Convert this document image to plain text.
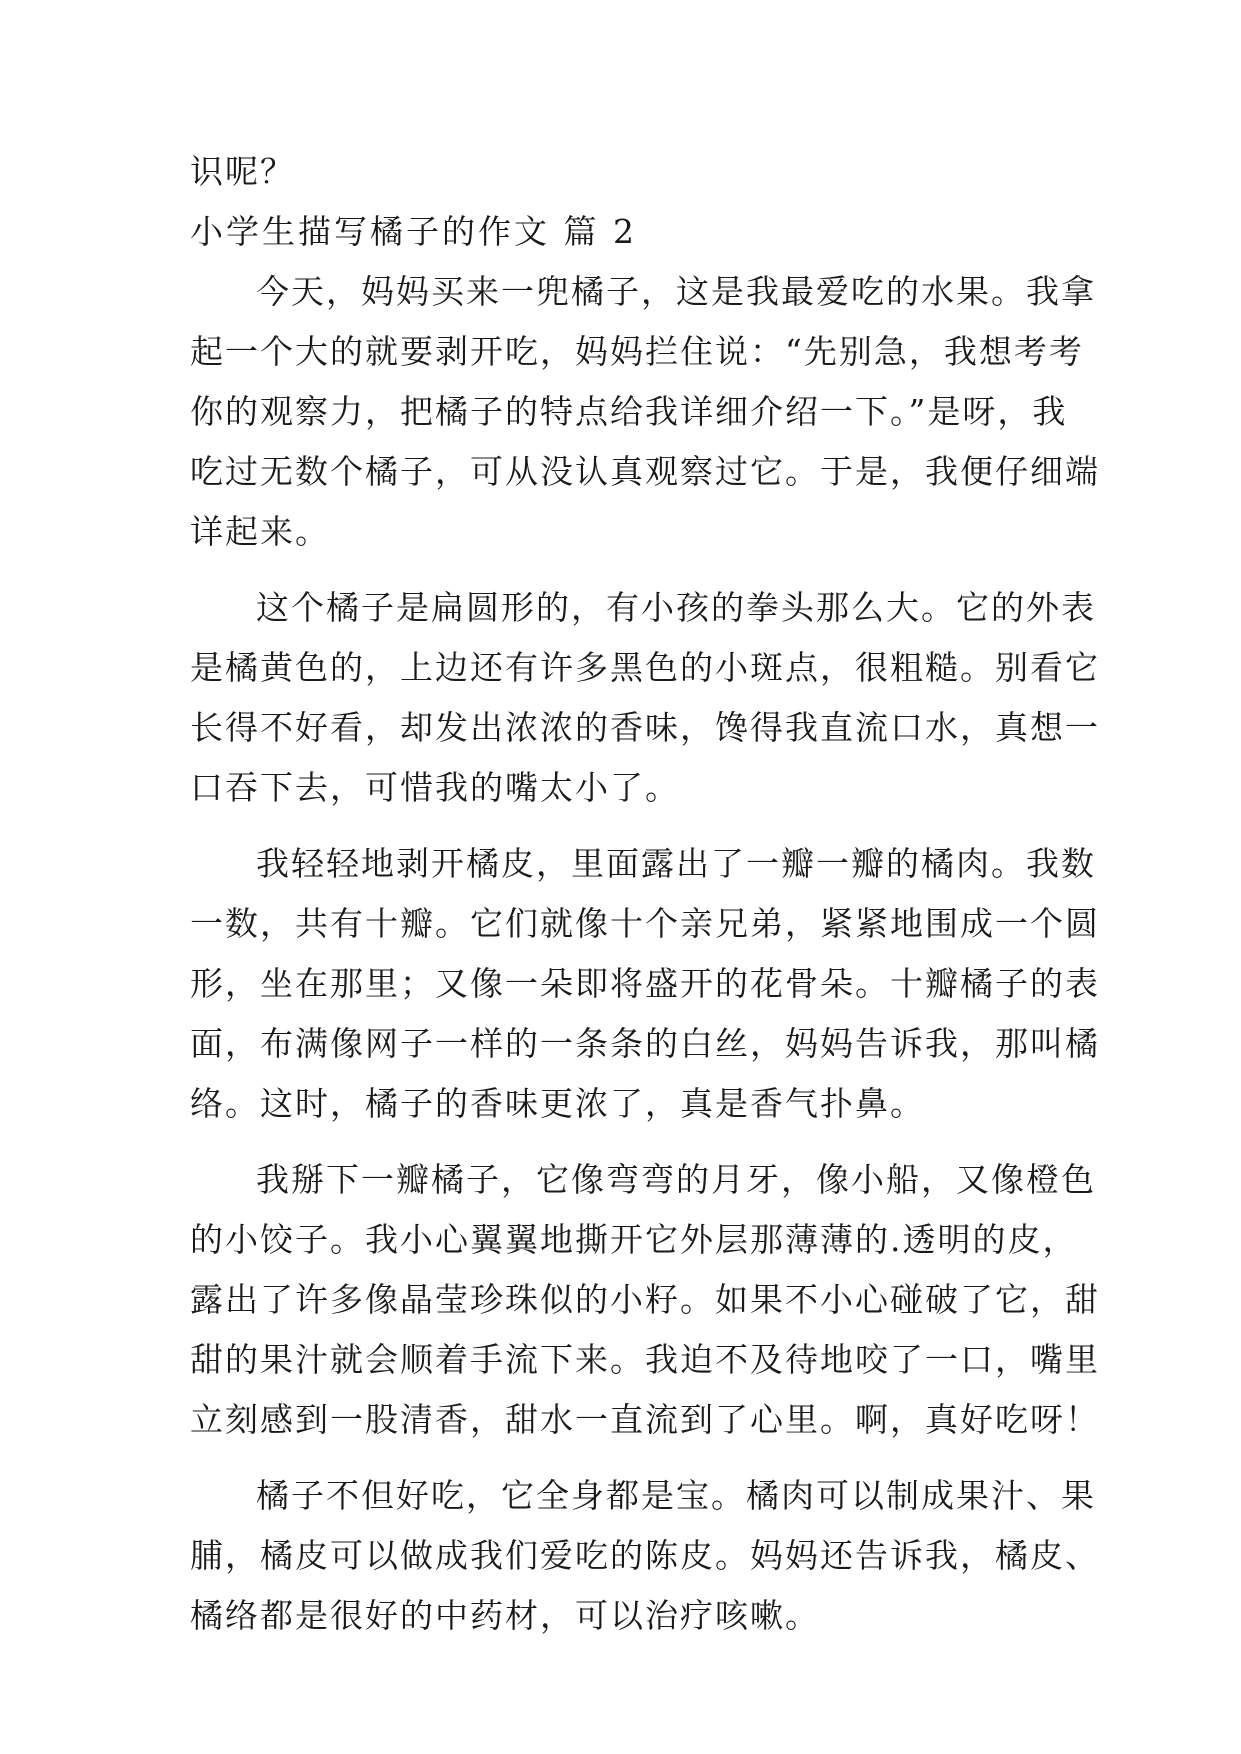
识呢？
小学生描写橘子的作文 篇 2
今天，妈妈买来一兜橘子，这是我最爱吃的水果。我拿
起一个大的就要剥开吃，妈妈拦住说：“先别急，我想考考
你的观察力，把橘子的特点给我详细介绍一下。”是呀，我
吃过无数个橘子，可从没认真观察过它。于是，我便仔细端
详起来。
这个橘子是扁圆形的，有小孩的拳头那么大。它的外表
是橘黄色的，上边还有许多黑色的小斑点，很粗糙。别看它
长得不好看，却发出浓浓的香味，馋得我直流口水，真想一
口吞下去，可惜我的嘴太小了。
我轻轻地剥开橘皮，里面露出了一瓣一瓣的橘肉。我数
一数，共有十瓣。它们就像十个亲兄弟，紧紧地围成一个圆
形，坐在那里；又像一朵即将盛开的花骨朵。十瓣橘子的表
面，布满像网子一样的一条条的白丝，妈妈告诉我，那叫橘
络。这时，橘子的香味更浓了，真是香气扑鼻。
我掰下一瓣橘子，它像弯弯的月牙，像小船，又像橙色
的小饺子。我小心翼翼地撕开它外层那薄薄的.透明的皮，
露出了许多像晶莹珍珠似的小籽。如果不小心碰破了它，甜
甜的果汁就会顺着手流下来。我迫不及待地咬了一口，嘴里
立刻感到一股清香，甜水一直流到了心里。啊，真好吃呀！
橘子不但好吃，它全身都是宝。橘肉可以制成果汁、果
脯，橘皮可以做成我们爱吃的陈皮。妈妈还告诉我，橘皮、
橘络都是很好的中药材，可以治疗咳嗽。
